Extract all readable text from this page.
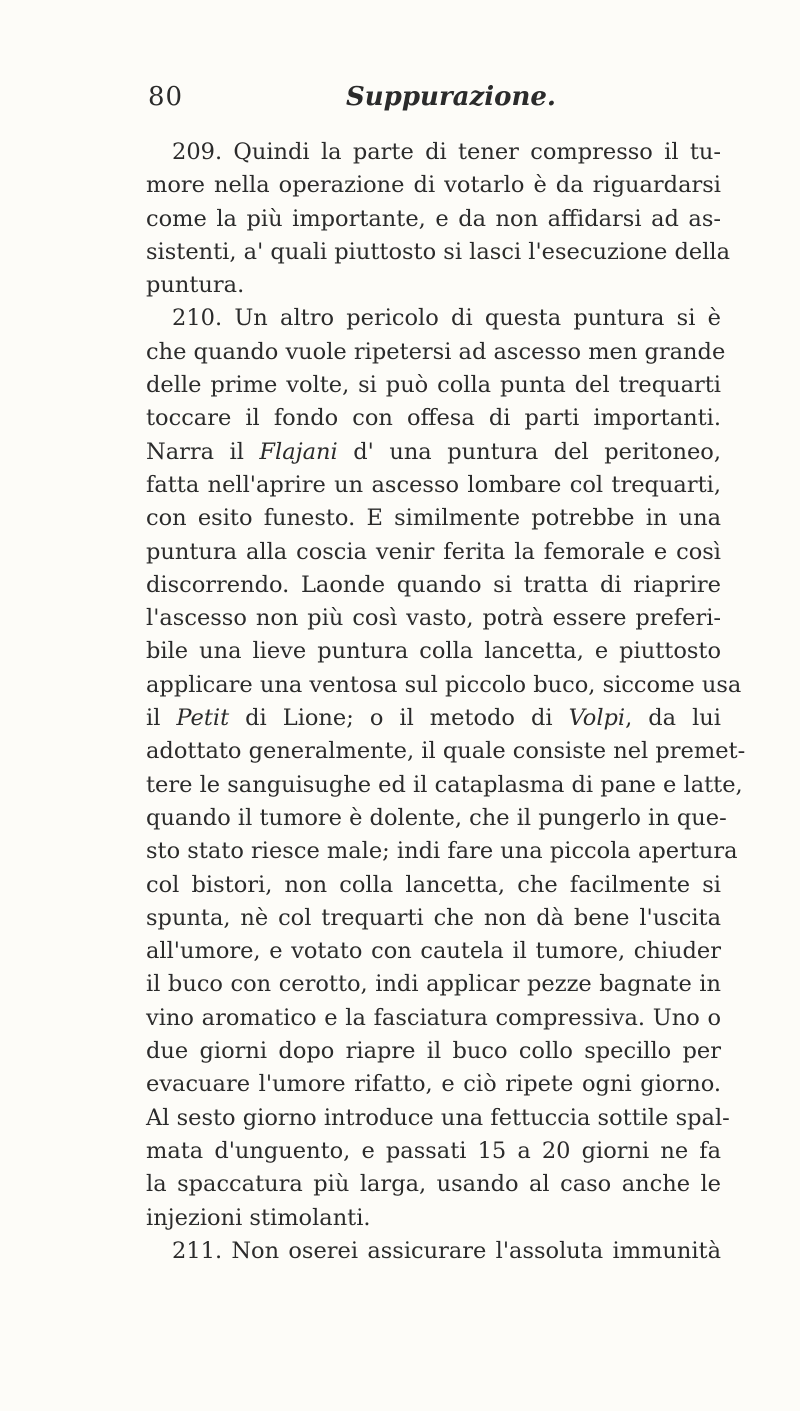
80	Suppurazione.
209. Quindi la parte di tener compresso il tu-
more nella operazione di votarlo è da riguardarsi
come la più importante, e da non affidarsi ad as-
sistenti, a' quali piuttosto si lasci l'esecuzione della
puntura.
210. Un altro pericolo di questa puntura si è
che quando vuole ripetersi ad ascesso men grande
delle prime volte, si può colla punta del trequarti
toccare il fondo con offesa di parti importanti.
Narra il Flajani d' una puntura del peritoneo,
fatta nell'aprire un ascesso lombare col trequarti,
con esito funesto. E similmente potrebbe in una
puntura alla coscia venir ferita la femorale e così
discorrendo. Laonde quando si tratta di riaprire
l'ascesso non più così vasto, potrà essere preferi-
bile una lieve puntura colla lancetta, e piuttosto
applicare una ventosa sul piccolo buco, siccome usa
il Petit di Lione; o il metodo di Volpi, da lui
adottato generalmente, il quale consiste nel premet-
tere le sanguisughe ed il cataplasma di pane e latte,
quando il tumore è dolente, che il pungerlo in que-
sto stato riesce male; indi fare una piccola apertura
col bistori, non colla lancetta, che facilmente si
spunta, nè col trequarti che non dà bene l'uscita
all'umore, e votato con cautela il tumore, chiuder
il buco con cerotto, indi applicar pezze bagnate in
vino aromatico e la fasciatura compressiva. Uno o
due giorni dopo riapre il buco collo specillo per
evacuare l'umore rifatto, e ciò ripete ogni giorno.
Al sesto giorno introduce una fettuccia sottile spal-
mata d'unguento, e passati 15 a 20 giorni ne fa
la spaccatura più larga, usando al caso anche le
injezioni stimolanti.
211. Non oserei assicurare l'assoluta immunità
